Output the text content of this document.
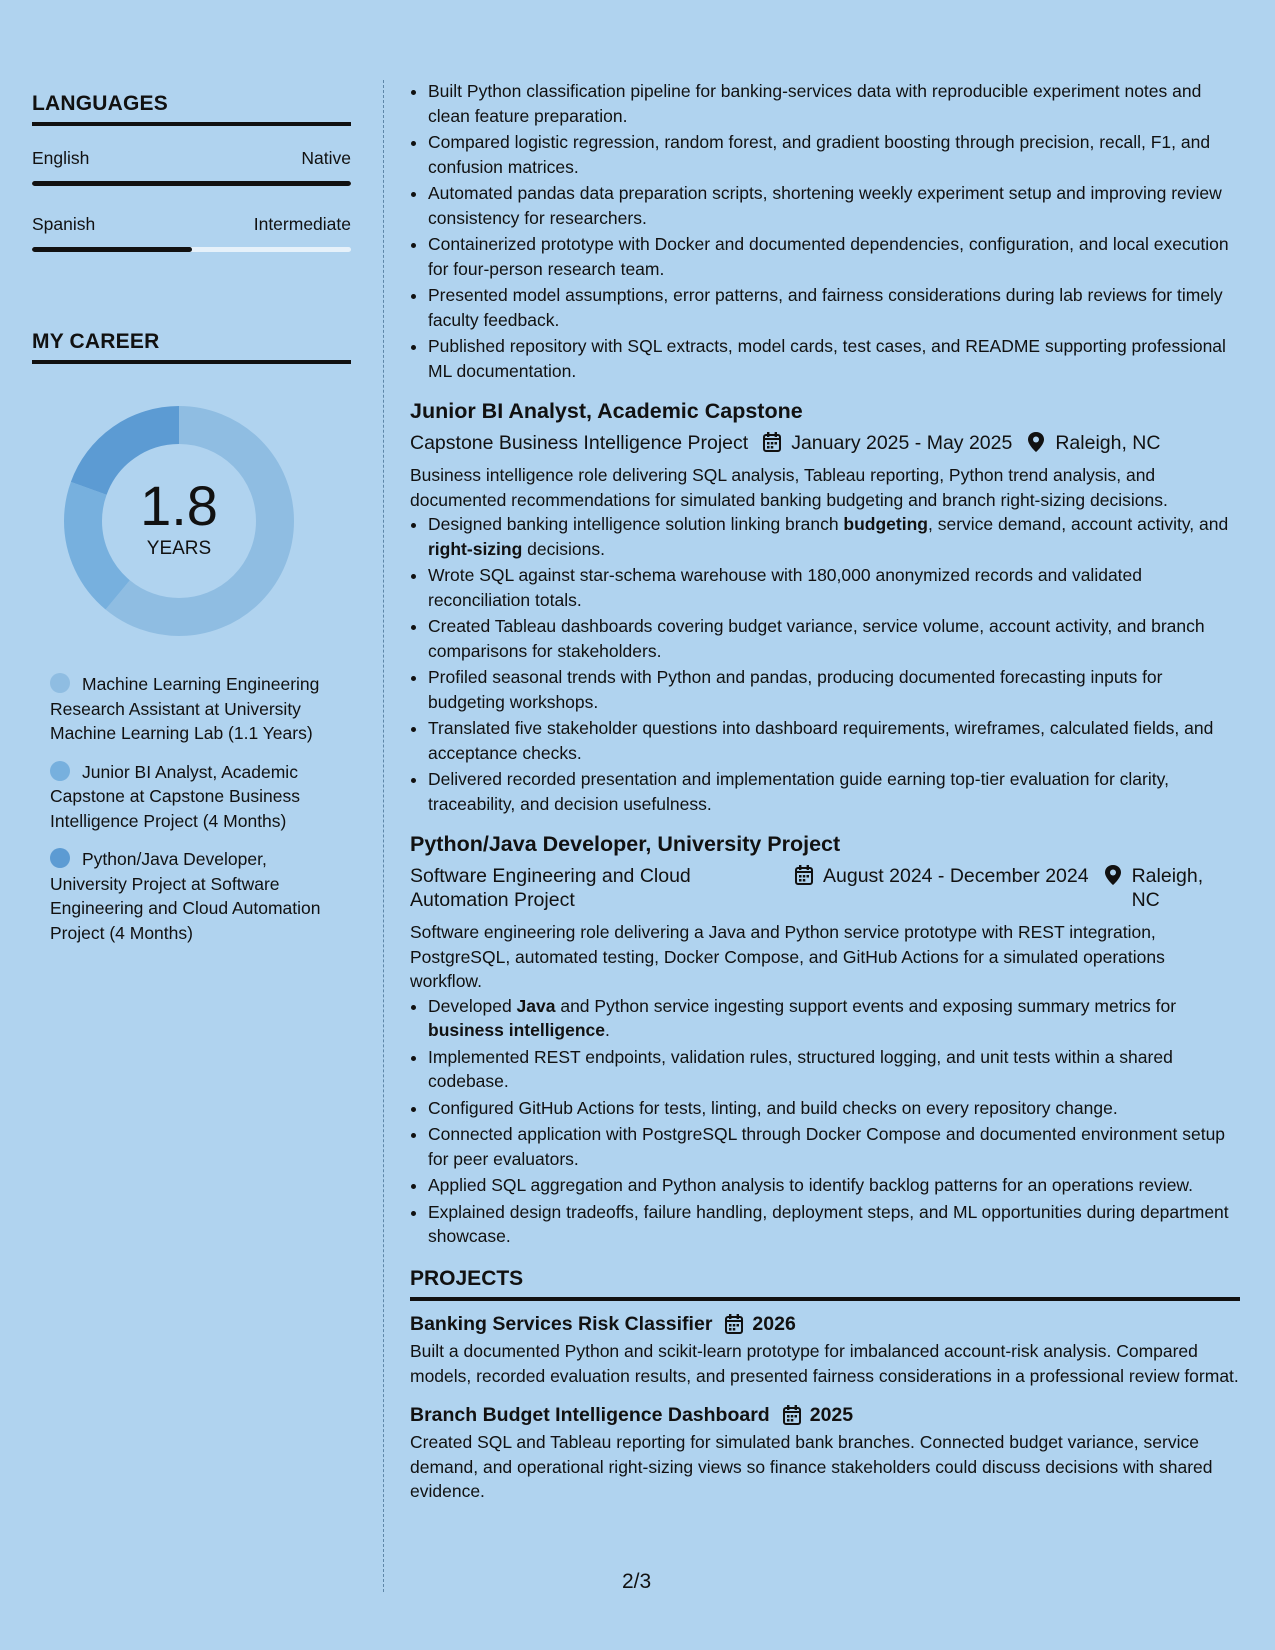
LANGUAGES
English	Native
Spanish	Intermediate
MY CAREER
1.8
YEARS
Machine Learning Engineering Research Assistant at University Machine Learning Lab (1.1 Years)
Junior BI Analyst, Academic Capstone at Capstone Business Intelligence Project (4 Months)
Python/Java Developer, University Project at Software Engineering and Cloud Automation Project (4 Months)
• Built Python classification pipeline for banking-services data with reproducible experiment notes and clean feature preparation.
• Compared logistic regression, random forest, and gradient boosting through precision, recall, F1, and confusion matrices.
• Automated pandas data preparation scripts, shortening weekly experiment setup and improving review consistency for researchers.
• Containerized prototype with Docker and documented dependencies, configuration, and local execution for four-person research team.
• Presented model assumptions, error patterns, and fairness considerations during lab reviews for timely faculty feedback.
• Published repository with SQL extracts, model cards, test cases, and README supporting professional ML documentation.
Junior BI Analyst, Academic Capstone
Capstone Business Intelligence Project January 2025 - May 2025 Raleigh, NC
Business intelligence role delivering SQL analysis, Tableau reporting, Python trend analysis, and documented recommendations for simulated banking budgeting and branch right-sizing decisions.
• Designed banking intelligence solution linking branch budgeting, service demand, account activity, and right-sizing decisions.
• Wrote SQL against star-schema warehouse with 180,000 anonymized records and validated reconciliation totals.
• Created Tableau dashboards covering budget variance, service volume, account activity, and branch comparisons for stakeholders.
• Profiled seasonal trends with Python and pandas, producing documented forecasting inputs for budgeting workshops.
• Translated five stakeholder questions into dashboard requirements, wireframes, calculated fields, and acceptance checks.
• Delivered recorded presentation and implementation guide earning top-tier evaluation for clarity, traceability, and decision usefulness.
Python/Java Developer, University Project
Software Engineering and Cloud Automation Project
August 2024 - December 2024 Raleigh, NC
Software engineering role delivering a Java and Python service prototype with REST integration, PostgreSQL, automated testing, Docker Compose, and GitHub Actions for a simulated operations workflow.
• Developed Java and Python service ingesting support events and exposing summary metrics for business intelligence.
• Implemented REST endpoints, validation rules, structured logging, and unit tests within a shared codebase.
• Configured GitHub Actions for tests, linting, and build checks on every repository change.
• Connected application with PostgreSQL through Docker Compose and documented environment setup for peer evaluators.
• Applied SQL aggregation and Python analysis to identify backlog patterns for an operations review.
• Explained design tradeoffs, failure handling, deployment steps, and ML opportunities during department showcase.
PROJECTS
Banking Services Risk Classifier 2026
Built a documented Python and scikit-learn prototype for imbalanced account-risk analysis. Compared models, recorded evaluation results, and presented fairness considerations in a professional review format.
Branch Budget Intelligence Dashboard 2025
Created SQL and Tableau reporting for simulated bank branches. Connected budget variance, service demand, and operational right-sizing views so finance stakeholders could discuss decisions with shared evidence.
2/3
